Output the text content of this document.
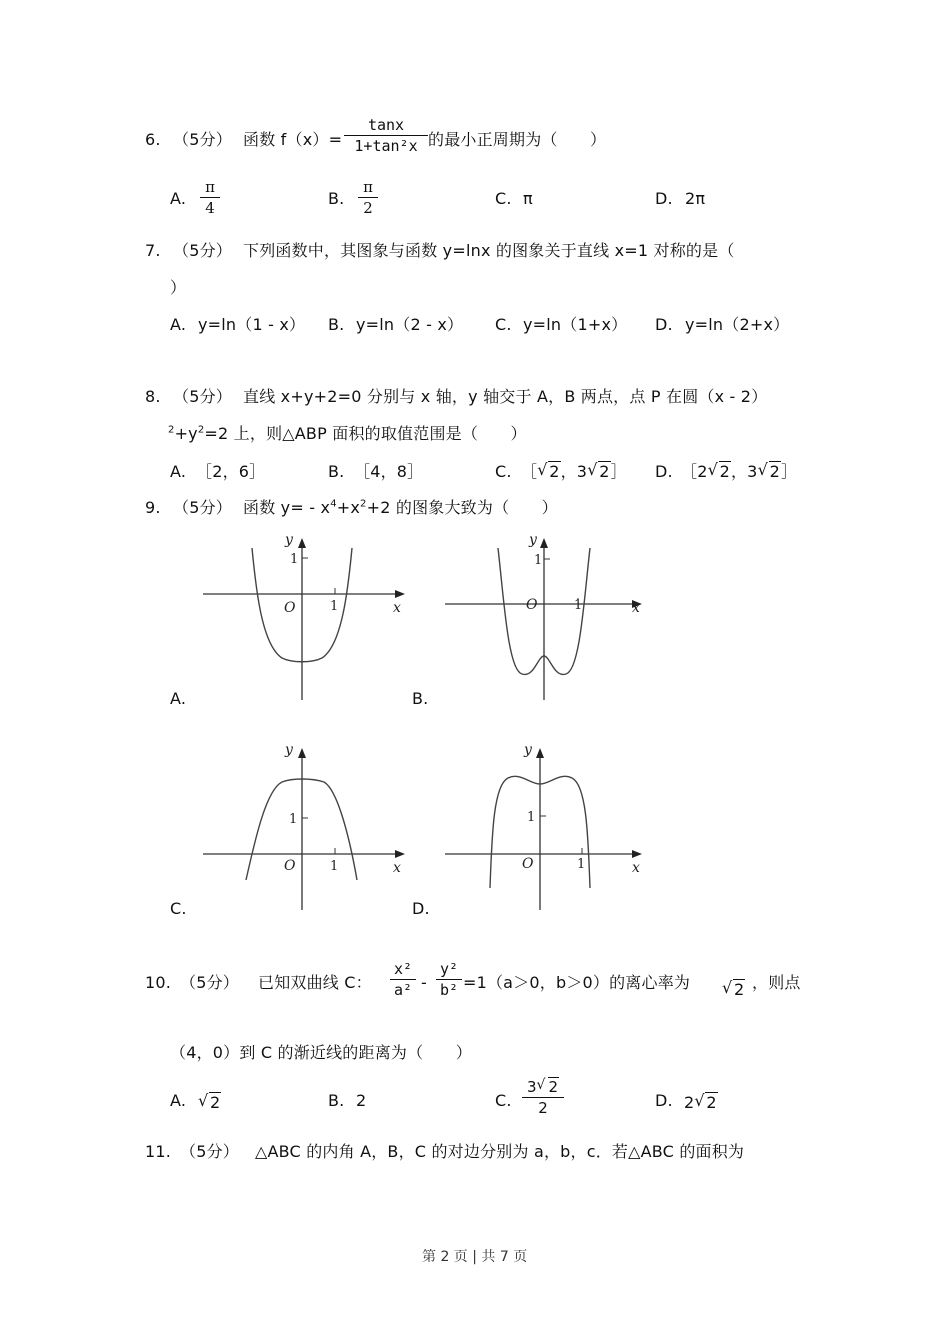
6. （5分） 函数 f（x）=
tanx
1+tan²x 的最小正周期为（　　）
A.
π
4	B.
π
2	C. π	D. 2π
7. （5分） 下列函数中，其图象与函数 y=lnx 的图象关于直线 x=1 对称的是（
）
A. y=ln（1 - x） B. y=ln（2 - x） C. y=ln（1+x） D. y=ln（2+x）
8. （5分） 直线 x+y+2=0 分别与 x 轴，y 轴交于 A，B 两点，点 P 在圆（x - 2）
$^2+y^2=2$ 上，则△ABP 面积的取值范围是（　　）
A. ［2，6］	B. ［4，8］	C. ［ √ 2，3 √ 2］ D. ［2 √ 2，3 √ 2］
9. （5分） 函数 $y= - x^4+x^2+2$ 的图象大致为（　　）
y
1
1
O	x
A.
y
1
1
O	x
B.
y
1
1
O	x
C.
y
1
1
O	x
D.
10. （5分） 已知双曲线 C：
x²
a² -
y²
b² =1（a＞0，b＞0）的离心率为 √ 2 ，则点
（4，0）到 C 的渐近线的距离为（　　）
A. √ 2	B. 2	C.
3 √ 2
2	D. 2 √ 2
11. （5分） △ABC 的内角 A，B，C 的对边分别为 a，b，c．若△ABC 的面积为
第 2 页 | 共 7 页
